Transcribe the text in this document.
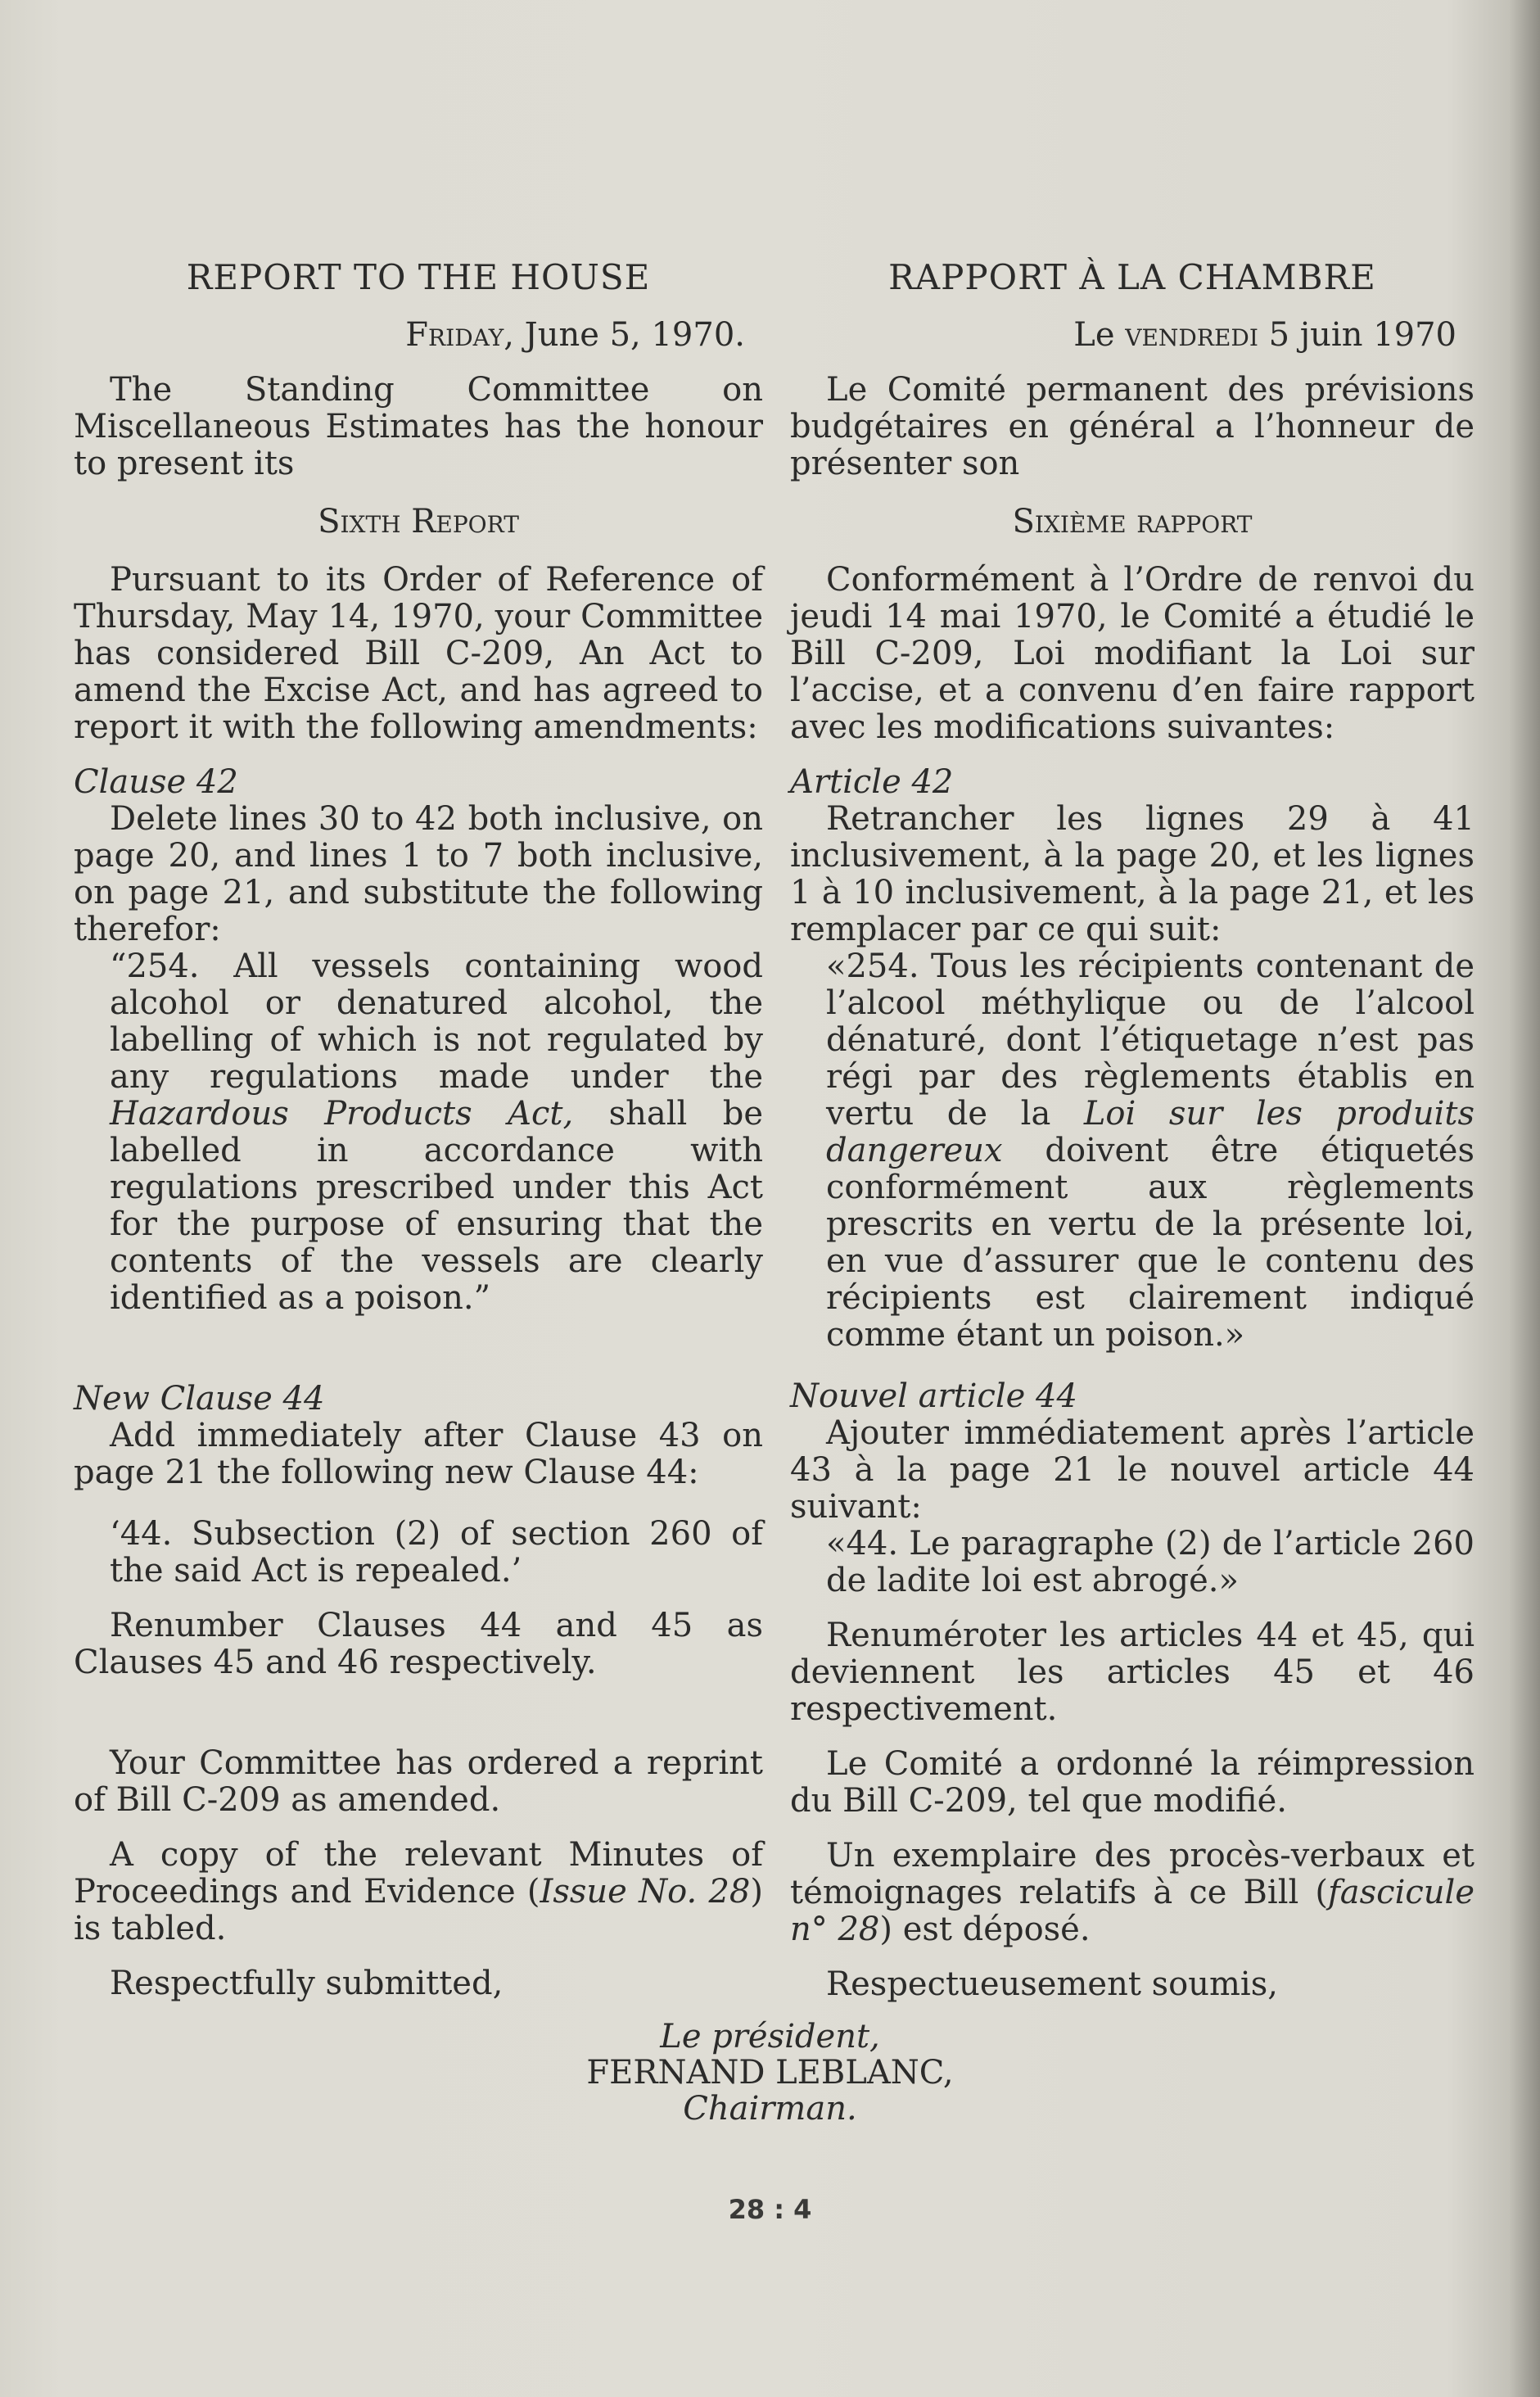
REPORT TO THE HOUSE
Friday, June 5, 1970.

The Standing Committee on Miscellaneous Estimates has the honour to present its

Sixth Report

Pursuant to its Order of Reference of Thursday, May 14, 1970, your Committee has considered Bill C-209, An Act to amend the Excise Act, and has agreed to report it with the following amendments:

Clause 42

Delete lines 30 to 42 both inclusive, on page 20, and lines 1 to 7 both inclusive, on page 21, and substitute the following therefor:

“254. All vessels containing wood alcohol or denatured alcohol, the labelling of which is not regulated by any regulations made under the Hazardous Products Act, shall be labelled in accordance with regulations prescribed under this Act for the purpose of ensuring that the contents of the vessels are clearly identified as a poison.”
New Clause 44

Add immediately after Clause 43 on page 21 the following new Clause 44:

‘44. Subsection (2) of section 260 of the said Act is repealed.’

Renumber Clauses 44 and 45 as Clauses 45 and 46 respectively.

Your Committee has ordered a reprint of Bill C-209 as amended.

A copy of the relevant Minutes of Proceedings and Evidence (Issue No. 28) is tabled.

Respectfully submitted,

RAPPORT À LA CHAMBRE
Le vendredi 5 juin 1970

Le Comité permanent des prévisions budgétaires en général a l’honneur de présenter son

Sixième rapport

Conformément à l’Ordre de renvoi du jeudi 14 mai 1970, le Comité a étudié le Bill C-209, Loi modifiant la Loi sur l’accise, et a convenu d’en faire rapport avec les modifications suivantes:

Article 42

Retrancher les lignes 29 à 41 inclusivement, à la page 20, et les lignes 1 à 10 inclusivement, à la page 21, et les remplacer par ce qui suit:

«254. Tous les récipients contenant de l’alcool méthylique ou de l’alcool dénaturé, dont l’étiquetage n’est pas régi par des règlements établis en vertu de la Loi sur les produits dangereux doivent être étiquetés conformément aux règlements prescrits en vertu de la présente loi, en vue d’assurer que le contenu des récipients est clairement indiqué comme étant un poison.»
Nouvel article 44

Ajouter immédiatement après l’article 43 à la page 21 le nouvel article 44 suivant:

«44. Le paragraphe (2) de l’article 260 de ladite loi est abrogé.»

Renuméroter les articles 44 et 45, qui deviennent les articles 45 et 46 respectivement.

Le Comité a ordonné la réimpression du Bill C-209, tel que modifié.

Un exemplaire des procès-verbaux et témoignages relatifs à ce Bill (fascicule n° 28) est déposé.

Respectueusement soumis,

Le président,
FERNAND LEBLANC,
Chairman.
28 : 4
